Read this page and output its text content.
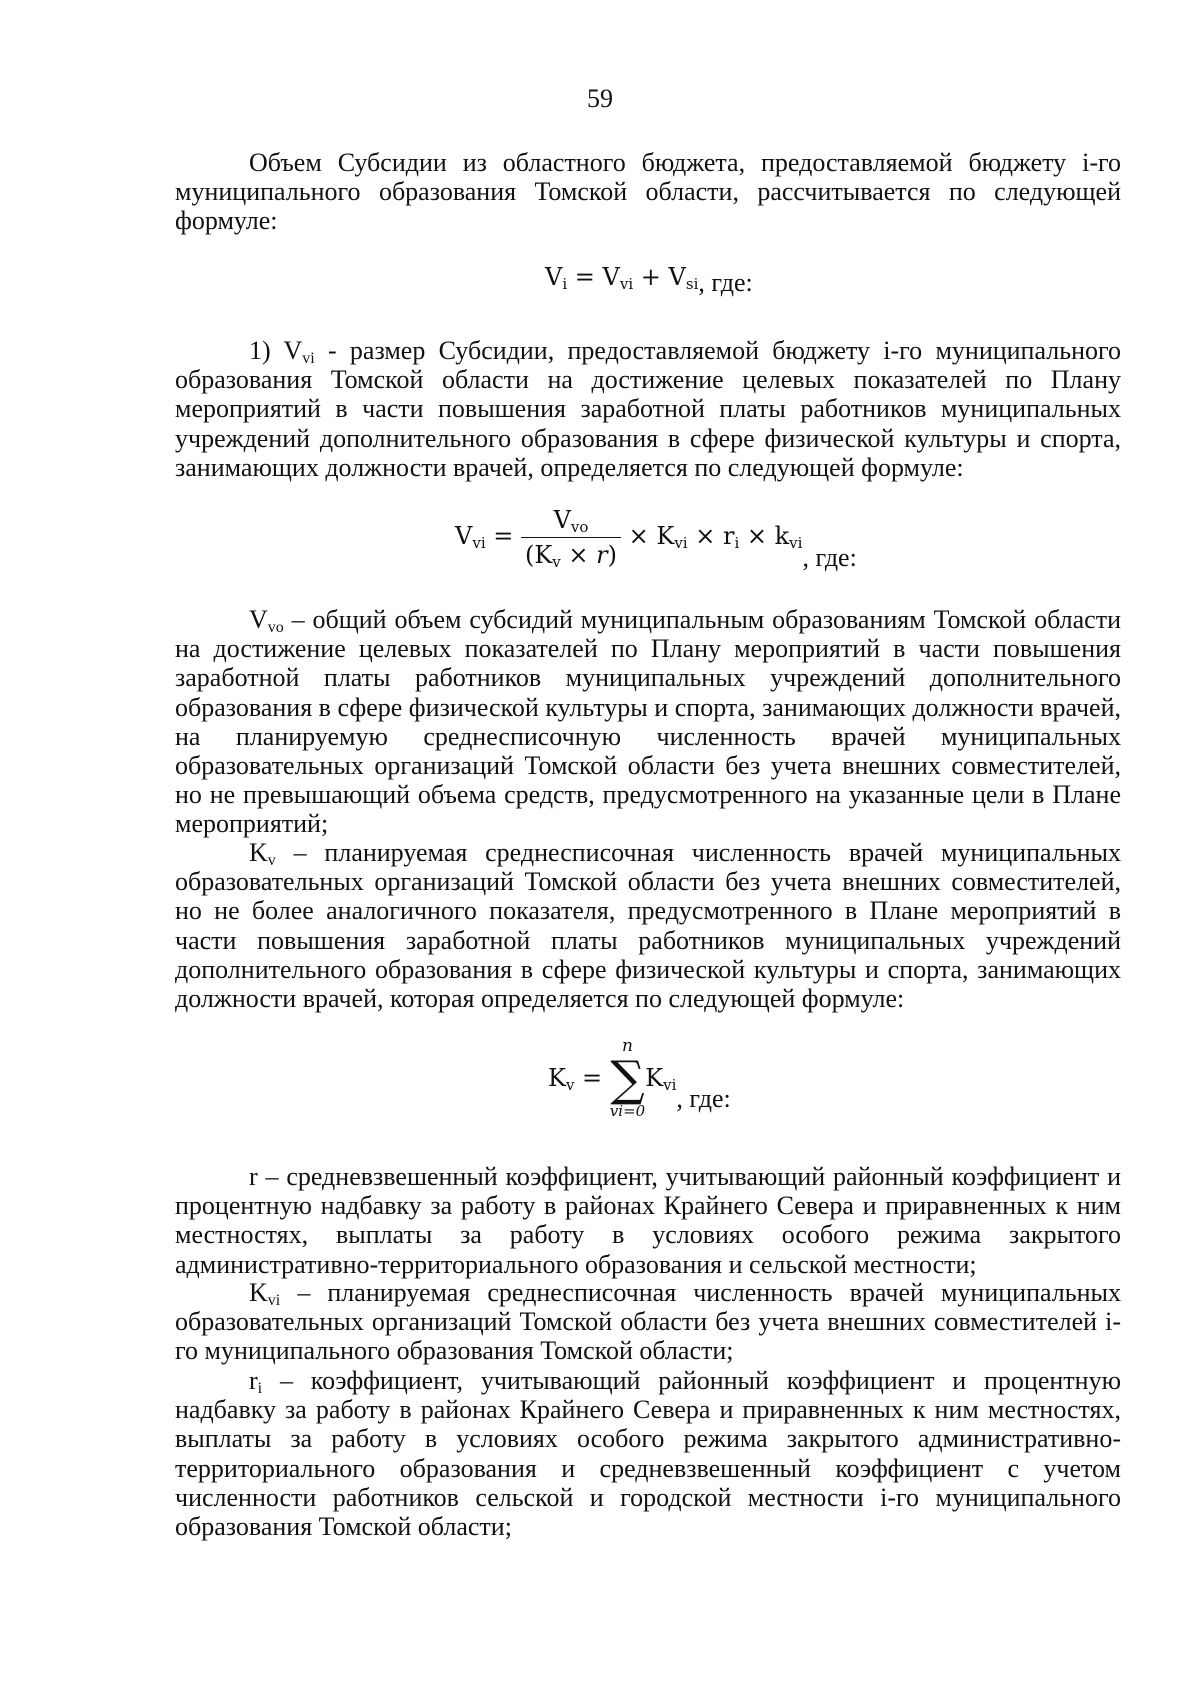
59

Объем Субсидии из областного бюджета, предоставляемой бюджету i-го муниципального образования Томской области, рассчитывается по следующей формуле:

$V_i = V_{vi} + V_{si}$, где:

1) $V_{vi}$ - размер Субсидии, предоставляемой бюджету i-го муниципального образования Томской области на достижение целевых показателей по Плану мероприятий в части повышения заработной платы работников муниципальных учреждений дополнительного образования в сфере физической культуры и спорта, занимающих должности врачей, определяется по следующей формуле:

$V_{vi} = \frac{V_{vo}}{(K_v \times r)} \times K_{vi} \times r_i \times k_{vi}$, где:

$V_{vo}$ – общий объем субсидий муниципальным образованиям Томской области на достижение целевых показателей по Плану мероприятий в части повышения заработной платы работников муниципальных учреждений дополнительного образования в сфере физической культуры и спорта, занимающих должности врачей, на планируемую среднесписочную численность врачей муниципальных образовательных организаций Томской области без учета внешних совместителей, но не превышающий объема средств, предусмотренного на указанные цели в Плане мероприятий;

$K_v$ – планируемая среднесписочная численность врачей муниципальных образовательных организаций Томской области без учета внешних совместителей, но не более аналогичного показателя, предусмотренного в Плане мероприятий в части повышения заработной платы работников муниципальных учреждений дополнительного образования в сфере физической культуры и спорта, занимающих должности врачей, которая определяется по следующей формуле:

$K_v$ =
n
∑
vi=0
$K_{vi}$, где:

r – средневзвешенный коэффициент, учитывающий районный коэффициент и процентную надбавку за работу в районах Крайнего Севера и приравненных к ним местностях, выплаты за работу в условиях особого режима закрытого административно-территориального образования и сельской местности;

$K_{vi}$ – планируемая среднесписочная численность врачей муниципальных образовательных организаций Томской области без учета внешних совместителей i-го муниципального образования Томской области;

$r_i$ – коэффициент, учитывающий районный коэффициент и процентную надбавку за работу в районах Крайнего Севера и приравненных к ним местностях, выплаты за работу в условиях особого режима закрытого административно-территориального образования и средневзвешенный коэффициент с учетом численности работников сельской и городской местности i-го муниципального образования Томской области;
